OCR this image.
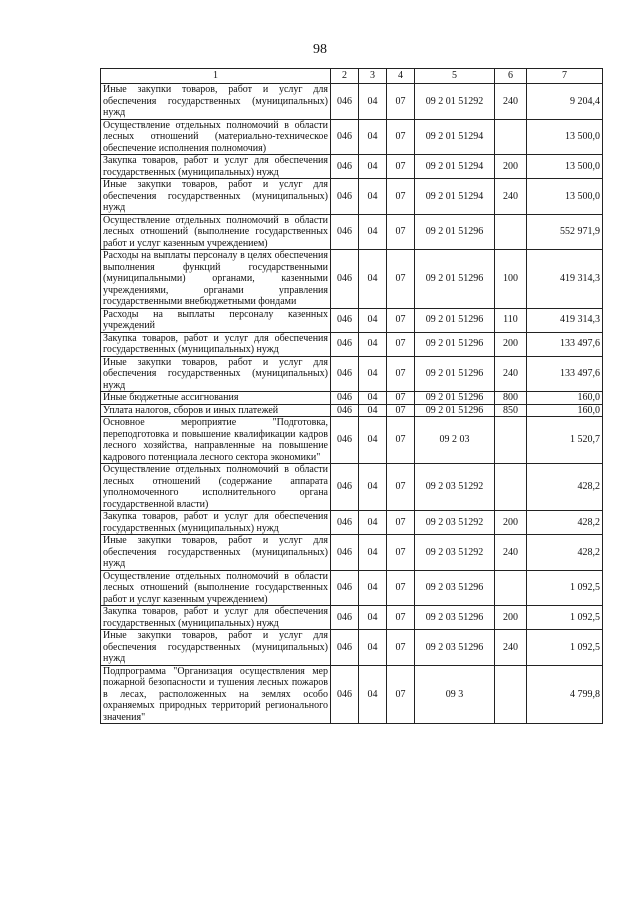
98
1	2	3	4	5	6	7
Иные закупки товаров, работ и услуг для обеспечения государственных (муниципальных) нужд	046	04	07	09 2 01 51292	240	9 204,4
Осуществление отдельных полномочий в области лесных отношений (материально-техническое обеспечение исполнения полномочия)	046	04	07	09 2 01 51294		13 500,0
Закупка товаров, работ и услуг для обеспечения государственных (муниципальных) нужд	046	04	07	09 2 01 51294	200	13 500,0
Иные закупки товаров, работ и услуг для обеспечения государственных (муниципальных) нужд	046	04	07	09 2 01 51294	240	13 500,0
Осуществление отдельных полномочий в области лесных отношений (выполнение государственных работ и услуг казенным учреждением)	046	04	07	09 2 01 51296		552 971,9
Расходы на выплаты персоналу в целях обеспечения выполнения функций государственными (муниципальными) органами, казенными учреждениями, органами управления государственными внебюджетными фондами	046	04	07	09 2 01 51296	100	419 314,3
Расходы на выплаты персоналу казенных учреждений	046	04	07	09 2 01 51296	110	419 314,3
Закупка товаров, работ и услуг для обеспечения государственных (муниципальных) нужд	046	04	07	09 2 01 51296	200	133 497,6
Иные закупки товаров, работ и услуг для обеспечения государственных (муниципальных) нужд	046	04	07	09 2 01 51296	240	133 497,6
Иные бюджетные ассигнования	046	04	07	09 2 01 51296	800	160,0
Уплата налогов, сборов и иных платежей	046	04	07	09 2 01 51296	850	160,0
Основное мероприятие "Подготовка, переподготовка и повышение квалификации кадров лесного хозяйства, направленные на повышение кадрового потенциала лесного сектора экономики"	046	04	07	09 2 03		1 520,7
Осуществление отдельных полномочий в области лесных отношений (содержание аппарата уполномоченного исполнительного органа государственной власти)	046	04	07	09 2 03 51292		428,2
Закупка товаров, работ и услуг для обеспечения государственных (муниципальных) нужд	046	04	07	09 2 03 51292	200	428,2
Иные закупки товаров, работ и услуг для обеспечения государственных (муниципальных) нужд	046	04	07	09 2 03 51292	240	428,2
Осуществление отдельных полномочий в области лесных отношений (выполнение государственных работ и услуг казенным учреждением)	046	04	07	09 2 03 51296		1 092,5
Закупка товаров, работ и услуг для обеспечения государственных (муниципальных) нужд	046	04	07	09 2 03 51296	200	1 092,5
Иные закупки товаров, работ и услуг для обеспечения государственных (муниципальных) нужд	046	04	07	09 2 03 51296	240	1 092,5
Подпрограмма "Организация осуществления мер пожарной безопасности и тушения лесных пожаров в лесах, расположенных на землях особо охраняемых природных территорий регионального значения"	046	04	07	09 3		4 799,8
